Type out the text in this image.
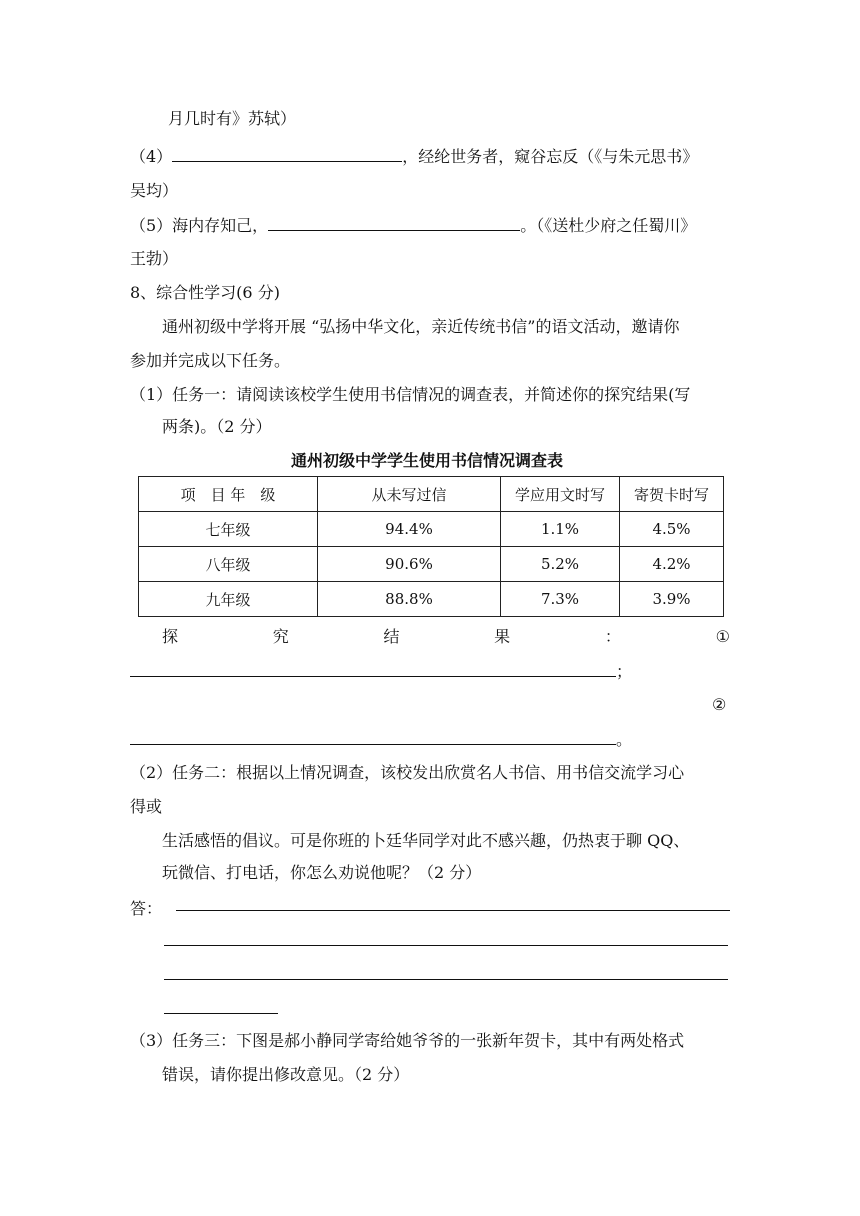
月几时有》苏轼）
（4）	，经纶世务者，窥谷忘反（《与朱元思书》
吴均）
（5）海内存知己，	。（《送杜少府之任蜀川》
王勃）
8、综合性学习(6 分)
通州初级中学将开展 “弘扬中华文化，亲近传统书信”的语文活动，邀请你
参加并完成以下任务。
（1）任务一：请阅读该校学生使用书信情况的调查表，并简述你的探究结果(写
两条)。（2 分）
通州初级中学学生使用书信情况调查表
项　目 年　级	从未写过信	学应用文时写	寄贺卡时写
七年级	94.4%	1.1%	4.5%
八年级	90.6%	5.2%	4.2%
九年级	88.8%	7.3%	3.9%
探	究	结	果	：	①
；
②
。
（2）任务二：根据以上情况调查，该校发出欣赏名人书信、用书信交流学习心
得或
生活感悟的倡议。可是你班的卜廷华同学对此不感兴趣，仍热衷于聊 QQ、
玩微信、打电话，你怎么劝说他呢？（2 分）
答：
（3）任务三：下图是郝小静同学寄给她爷爷的一张新年贺卡，其中有两处格式
错误，请你提出修改意见。（2 分）
